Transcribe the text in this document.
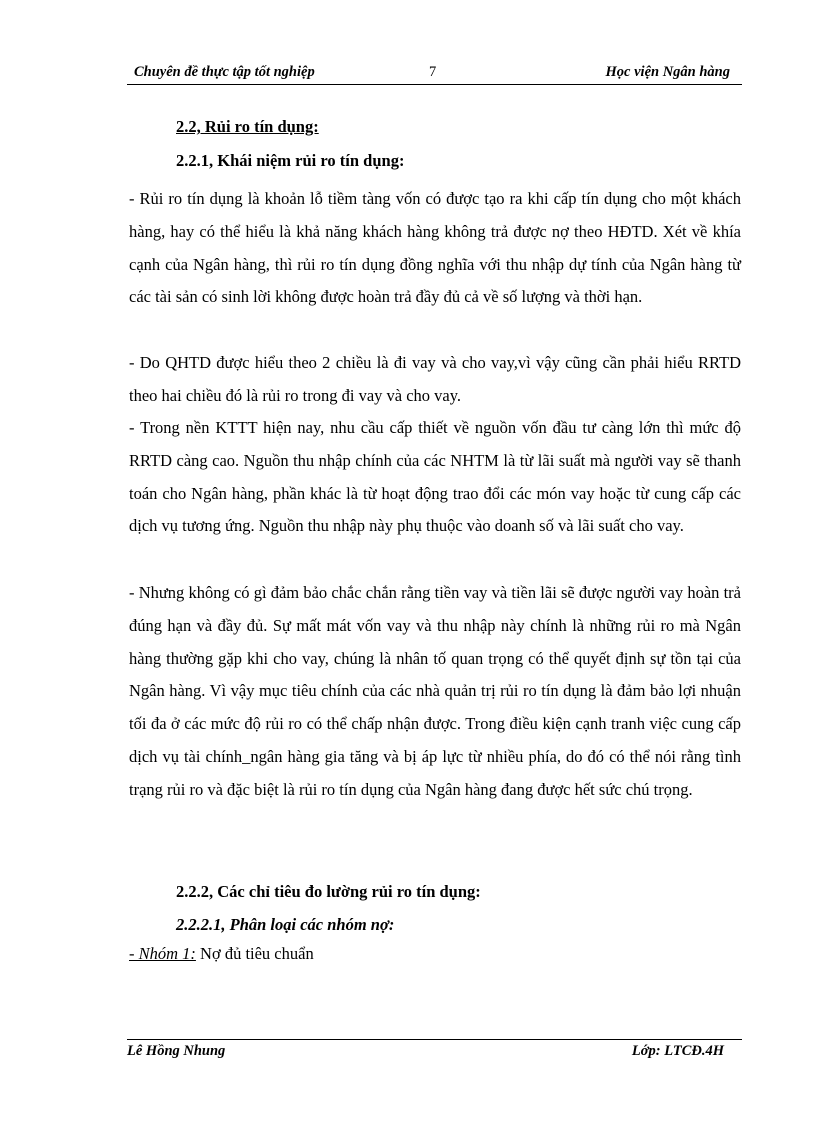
Chuyên đề thực tập tốt nghiệp	7	Học viện Ngân hàng
2.2, Rủi ro tín dụng:
2.2.1, Khái niệm rủi ro tín dụng:
- Rủi ro tín dụng là khoản lỗ tiềm tàng vốn có được tạo ra khi cấp tín dụng cho một khách hàng, hay có thể hiểu là khả năng khách hàng không trả được nợ theo HĐTD. Xét về khía cạnh của Ngân hàng, thì rủi ro tín dụng đồng nghĩa với thu nhập dự tính của Ngân hàng từ các tài sản có sinh lời không được hoàn trả đầy đủ cả về số lượng và thời hạn.
- Do QHTD được hiểu theo 2 chiều là đi vay và cho vay,vì vậy cũng cần phải hiểu RRTD theo hai chiều đó là rủi ro trong đi vay và cho vay.
- Trong nền KTTT hiện nay, nhu cầu cấp thiết về nguồn vốn đầu tư càng lớn thì mức độ RRTD càng cao. Nguồn thu nhập chính của các NHTM là từ lãi suất mà người vay sẽ thanh toán cho Ngân hàng, phần khác là từ hoạt động trao đổi các món vay hoặc từ cung cấp các dịch vụ tương ứng. Nguồn thu nhập này phụ thuộc vào doanh số và lãi suất cho vay.
- Nhưng không có gì đảm bảo chắc chắn rằng tiền vay và tiền lãi sẽ được người vay hoàn trả đúng hạn và đầy đủ. Sự mất mát vốn vay và thu nhập này chính là những rủi ro mà Ngân hàng thường gặp khi cho vay, chúng là nhân tố quan trọng có thể quyết định sự tồn tại của Ngân hàng. Vì vậy mục tiêu chính của các nhà quản trị rủi ro tín dụng là đảm bảo lợi nhuận tối đa ở các mức độ rủi ro có thể chấp nhận được. Trong điều kiện cạnh tranh việc cung cấp dịch vụ tài chính_ngân hàng gia tăng và bị áp lực từ nhiều phía, do đó có thể nói rằng tình trạng rủi ro và đặc biệt là rủi ro tín dụng của Ngân hàng đang được hết sức chú trọng.
2.2.2, Các chỉ tiêu đo lường rủi ro tín dụng:
2.2.2.1, Phân loại các nhóm nợ:
- Nhóm 1: Nợ đủ tiêu chuẩn
Lê Hồng Nhung	Lớp: LTCĐ.4H
